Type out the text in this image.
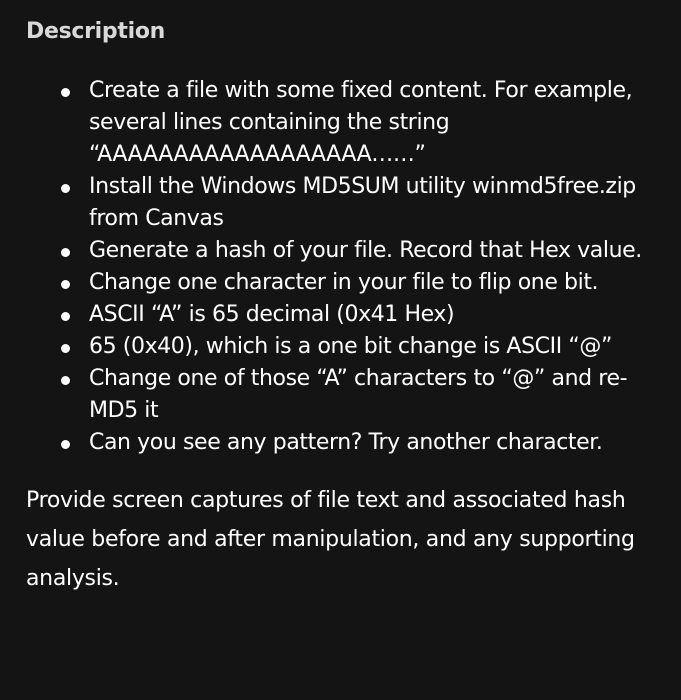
Description
Create a file with some fixed content. For example, several lines containing the string “AAAAAAAAAAAAAAAAAA……”
Install the Windows MD5SUM utility winmd5free.zip from Canvas
Generate a hash of your file. Record that Hex value.
Change one character in your file to flip one bit.
ASCII “A” is 65 decimal (0x41 Hex)
65 (0x40), which is a one bit change is ASCII “@”
Change one of those “A” characters to “@” and re-MD5 it
Can you see any pattern? Try another character.

Provide screen captures of file text and associated hash value before and after manipulation, and any supporting analysis.
